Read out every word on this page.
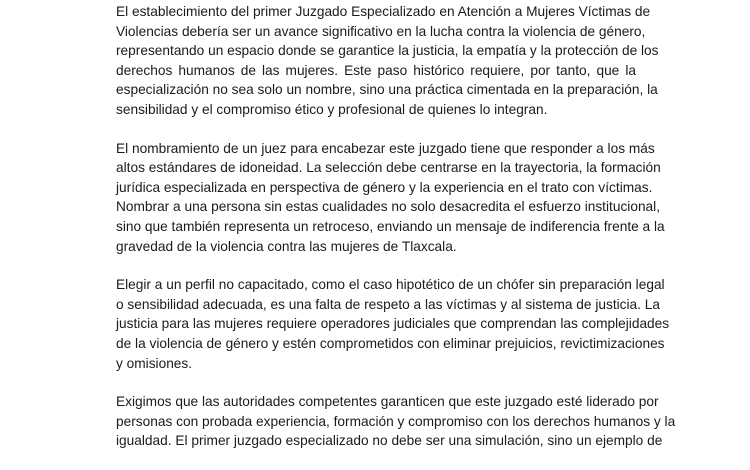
El establecimiento del primer Juzgado Especializado en Atención a Mujeres Víctimas de
Violencias debería ser un avance significativo en la lucha contra la violencia de género,
representando un espacio donde se garantice la justicia, la empatía y la protección de los
derechos humanos de las mujeres. Este paso histórico requiere, por tanto, que la
especialización no sea solo un nombre, sino una práctica cimentada en la preparación, la
sensibilidad y el compromiso ético y profesional de quienes lo integran.

El nombramiento de un juez para encabezar este juzgado tiene que responder a los más
altos estándares de idoneidad. La selección debe centrarse en la trayectoria, la formación
jurídica especializada en perspectiva de género y la experiencia en el trato con víctimas.
Nombrar a una persona sin estas cualidades no solo desacredita el esfuerzo institucional,
sino que también representa un retroceso, enviando un mensaje de indiferencia frente a la
gravedad de la violencia contra las mujeres de Tlaxcala.

Elegir a un perfil no capacitado, como el caso hipotético de un chófer sin preparación legal
o sensibilidad adecuada, es una falta de respeto a las víctimas y al sistema de justicia. La
justicia para las mujeres requiere operadores judiciales que comprendan las complejidades
de la violencia de género y estén comprometidos con eliminar prejuicios, revictimizaciones
y omisiones.

Exigimos que las autoridades competentes garanticen que este juzgado esté liderado por
personas con probada experiencia, formación y compromiso con los derechos humanos y la
igualdad. El primer juzgado especializado no debe ser una simulación, sino un ejemplo de
